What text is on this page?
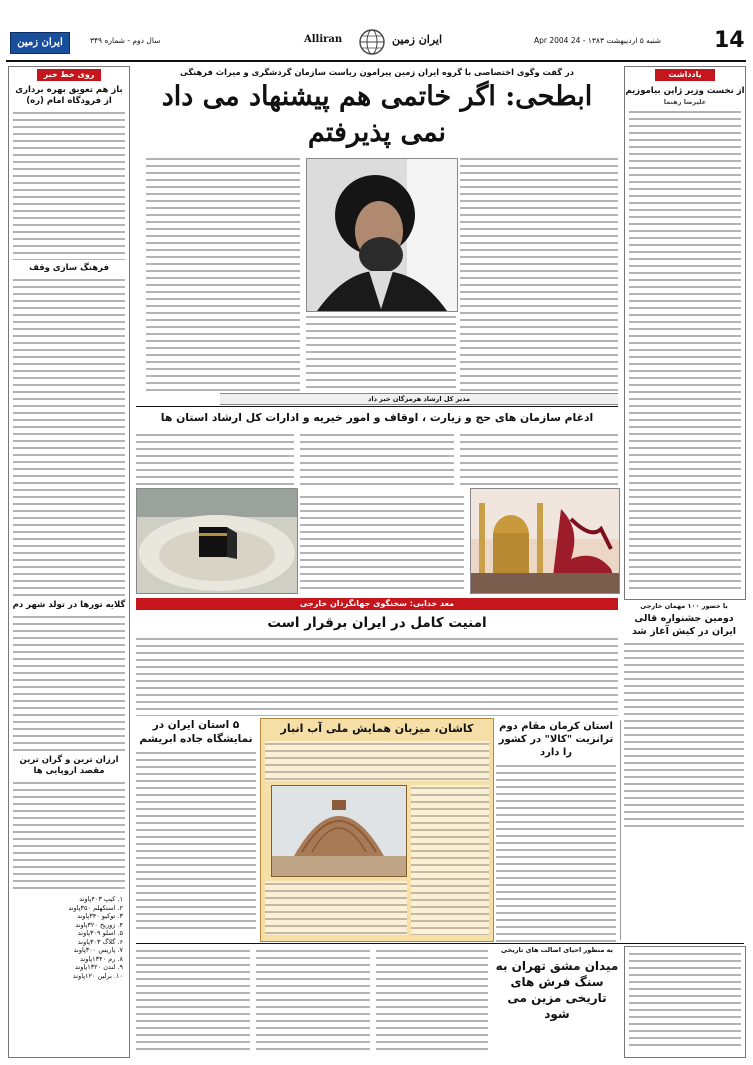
ایران زمین	سال دوم - شماره ۳۴۹	Alliran	ایران زمین	شنبه ۵ اردیبهشت ۱۳۸۳ - 24 Apr 2004 14
یادداشت
از نخست وزیر ژاپن بیاموزیم
علیرضا رهنما
روی خط خبر
باز هم تعویق بهره برداری از فرودگاه امام (ره)
فرهنگ سازی وقف
گلایه تورها در تولد شهر دم
ارزان ترین و گران ترین مقصد اروپایی ها
۱. کیپ ۴۰۳پاوند
۲. استکهلم ۳۵۰پاوند
۳. توکیو ۳۴۰پاوند
۴. زوریخ ۳۲۰پاوند
۵. اسلو ۳۰۹پاوند
۶. گلاگ ۳۰۳پاوند
۷. پاریس ۳۰۰پاوند
۸. رم ۱۳۴۰پاوند
۹. لندن ۱۳۲۰پاوند
۱۰. برلین ۱۲۰پاوند
در گفت وگوی اختصاصی با گروه ایران زمین پیرامون ریاست سازمان گردشگری و میراث فرهنگی
ابطحی: اگر خاتمی هم پیشنهاد می داد
نمی پذیرفتم
مدیر کل ارشاد هرمزگان خبر داد
ادغام سازمان های حج و زیارت ، اوقاف و امور خیریه و ادارات کل ارشاد استان ها
معد خدابی: سخنگوی جهانگردان خارجی
امنیت کامل در ایران برقرار است
با حضور ۱۰۰ مهمان خارجی
دومین جشنواره قالی ایران در کیش آغاز شد
استان کرمان مقام دوم ترانزیت "کالا" در کشور را دارد
کاشان، میزبان همایش ملی آب انبار
۵ استان ایران در نمایشگاه جاده ابریشم
به منظور احیای اصالت های تاریخی
میدان مشق تهران به سنگ فرش های تاریخی مزین می شود
